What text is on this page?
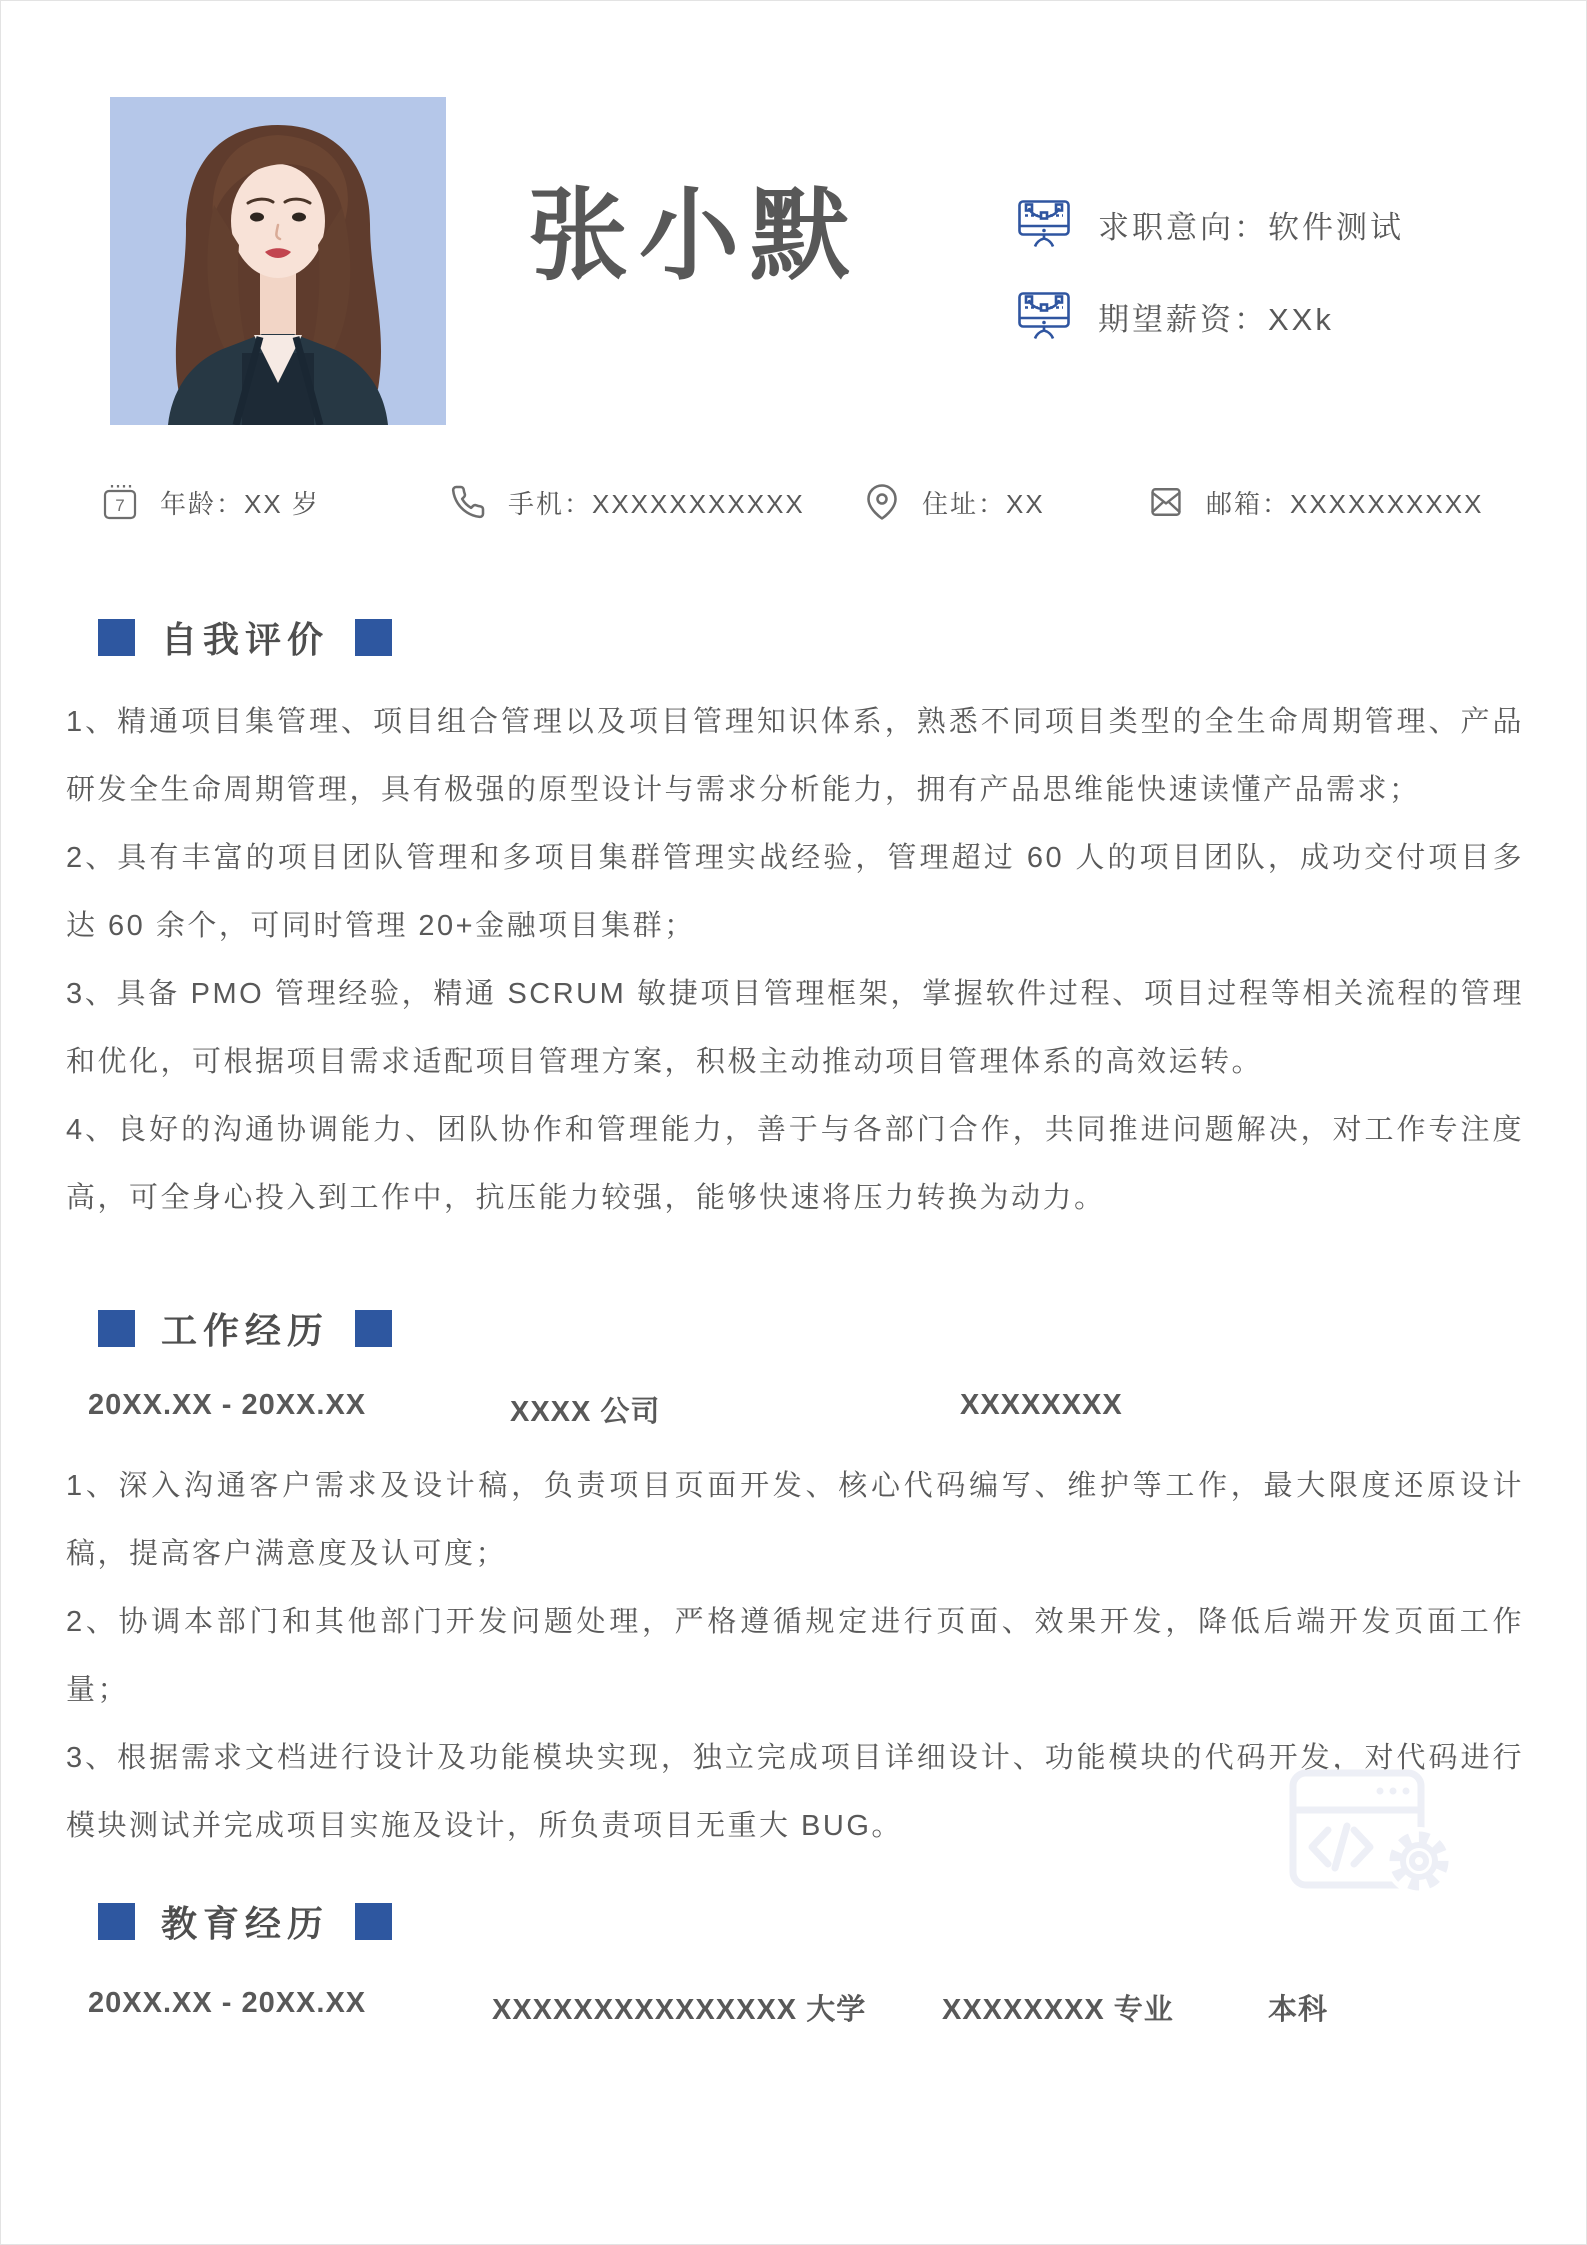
张小默	求职意向：软件测试
期望薪资：XXk
7 年龄：XX 岁	手机：XXXXXXXXXXX	住址：XX	邮箱：XXXXXXXXXX
自我评价

1、精通项目集管理、项目组合管理以及项目管理知识体系，熟悉不同项目类型的全生命周期管理、产品研发全生命周期管理，具有极强的原型设计与需求分析能力，拥有产品思维能快速读懂产品需求；

2、具有丰富的项目团队管理和多项目集群管理实战经验，管理超过 60 人的项目团队，成功交付项目多达 60 余个，可同时管理 20+金融项目集群；

3、具备 PMO 管理经验，精通 SCRUM 敏捷项目管理框架，掌握软件过程、项目过程等相关流程的管理和优化，可根据项目需求适配项目管理方案，积极主动推动项目管理体系的高效运转。

4、良好的沟通协调能力、团队协作和管理能力，善于与各部门合作，共同推进问题解决，对工作专注度高，可全身心投入到工作中，抗压能力较强，能够快速将压力转换为动力。

工作经历
20XX.XX - 20XX.XX	XXXX 公司	XXXXXXXX

1、深入沟通客户需求及设计稿，负责项目页面开发、核心代码编写、维护等工作，最大限度还原设计稿，提高客户满意度及认可度；

2、协调本部门和其他部门开发问题处理，严格遵循规定进行页面、效果开发，降低后端开发页面工作量；

3、根据需求文档进行设计及功能模块实现，独立完成项目详细设计、功能模块的代码开发，对代码进行模块测试并完成项目实施及设计，所负责项目无重大 BUG。

教育经历
20XX.XX - 20XX.XX	XXXXXXXXXXXXXXX 大学	XXXXXXXX 专业	本科
